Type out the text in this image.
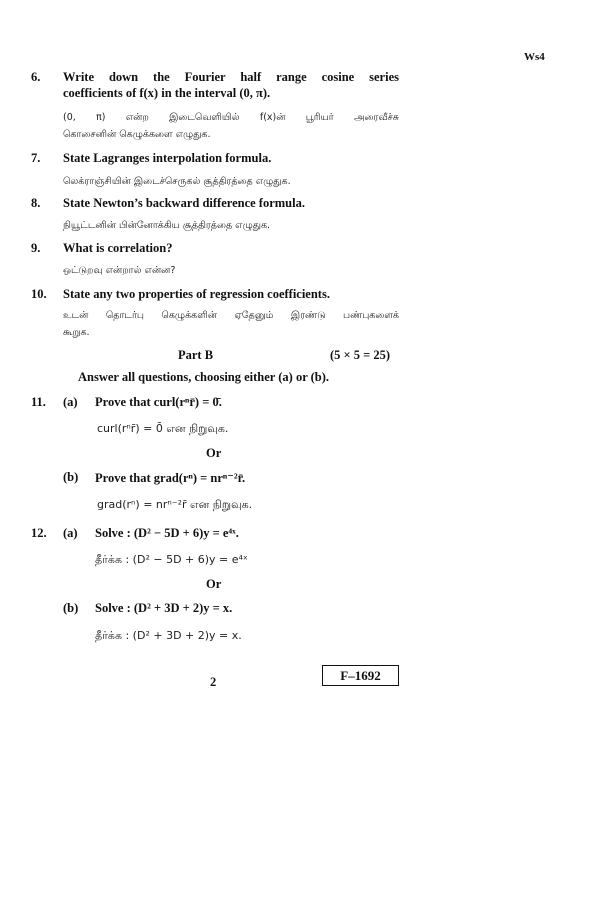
Ws4
6. Write down the Fourier half range cosine series
coefficients of f(x) in the interval (0, π).
(0, π) என்ற இடைவெளியில் f(x)ன் பூரியர் அரைவீச்சு
கொசைனின் கெழுக்களை எழுதுக.
7. State Lagranges interpolation formula.
லெக்ராஞ்சியின் இடைச்செருகல் சூத்திரத்தை எழுதுக.
8. State Newton’s backward difference formula.
நியூட்டனின் பின்னோக்கிய சூத்திரத்தை எழுதுக.
9. What is correlation?
ஒட்டுறவு என்றால் என்ன?
10. State any two properties of regression coefficients.
உடன் தொடர்பு கெழுக்களின் ஏதேனும் இரண்டு பண்புகளைக்
கூறுக.
Part B	(5 × 5 = 25)
Answer all questions, choosing either (a) or (b).
11. (a) Prove that curl(rⁿr̄) = 0̄.
curl(rⁿr̄) = 0̄ என நிறுவுக.
Or
(b) Prove that grad(rⁿ) = nrⁿ⁻²r̄.
grad(rⁿ) = nrⁿ⁻²r̄ என நிறுவுக.
12. (a) Solve : (D² − 5D + 6)y = e⁴ˣ.
தீர்க்க : (D² − 5D + 6)y = e⁴ˣ
Or
(b) Solve : (D² + 3D + 2)y = x.
தீர்க்க : (D² + 3D + 2)y = x.
2	F–1692
